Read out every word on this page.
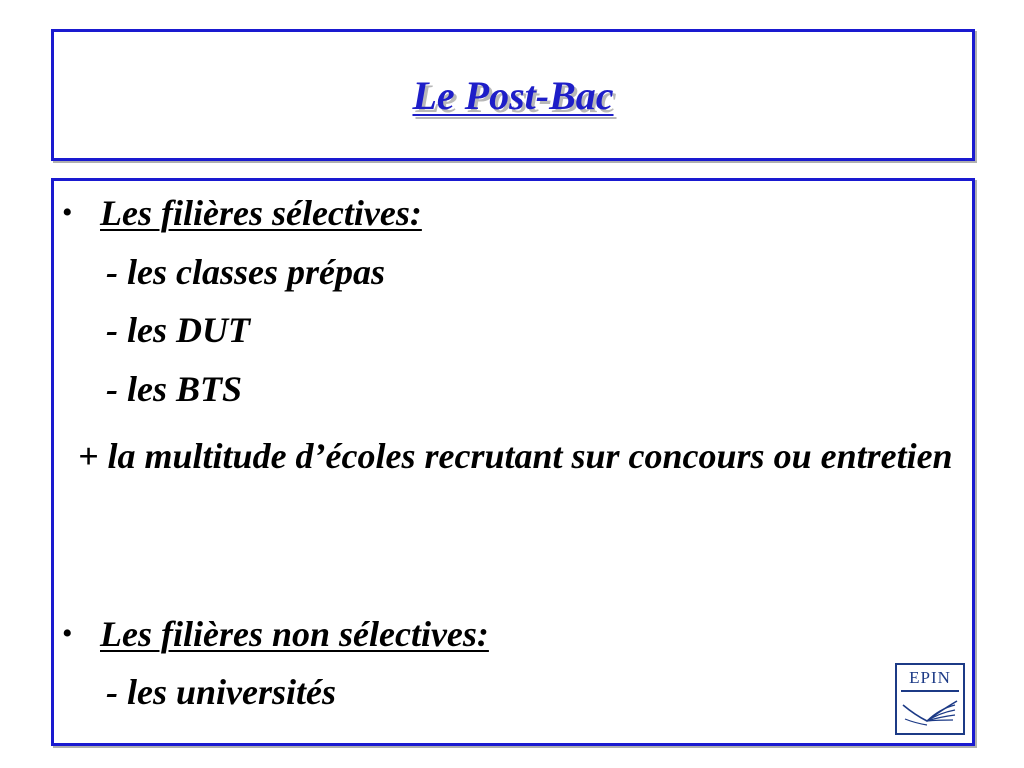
Le Post-Bac
• Les filières sélectives:
- les classes prépas
- les DUT
- les BTS
+ la multitude d’écoles recrutant sur concours ou entretien
• Les filières non sélectives:
- les universités	EPIN
